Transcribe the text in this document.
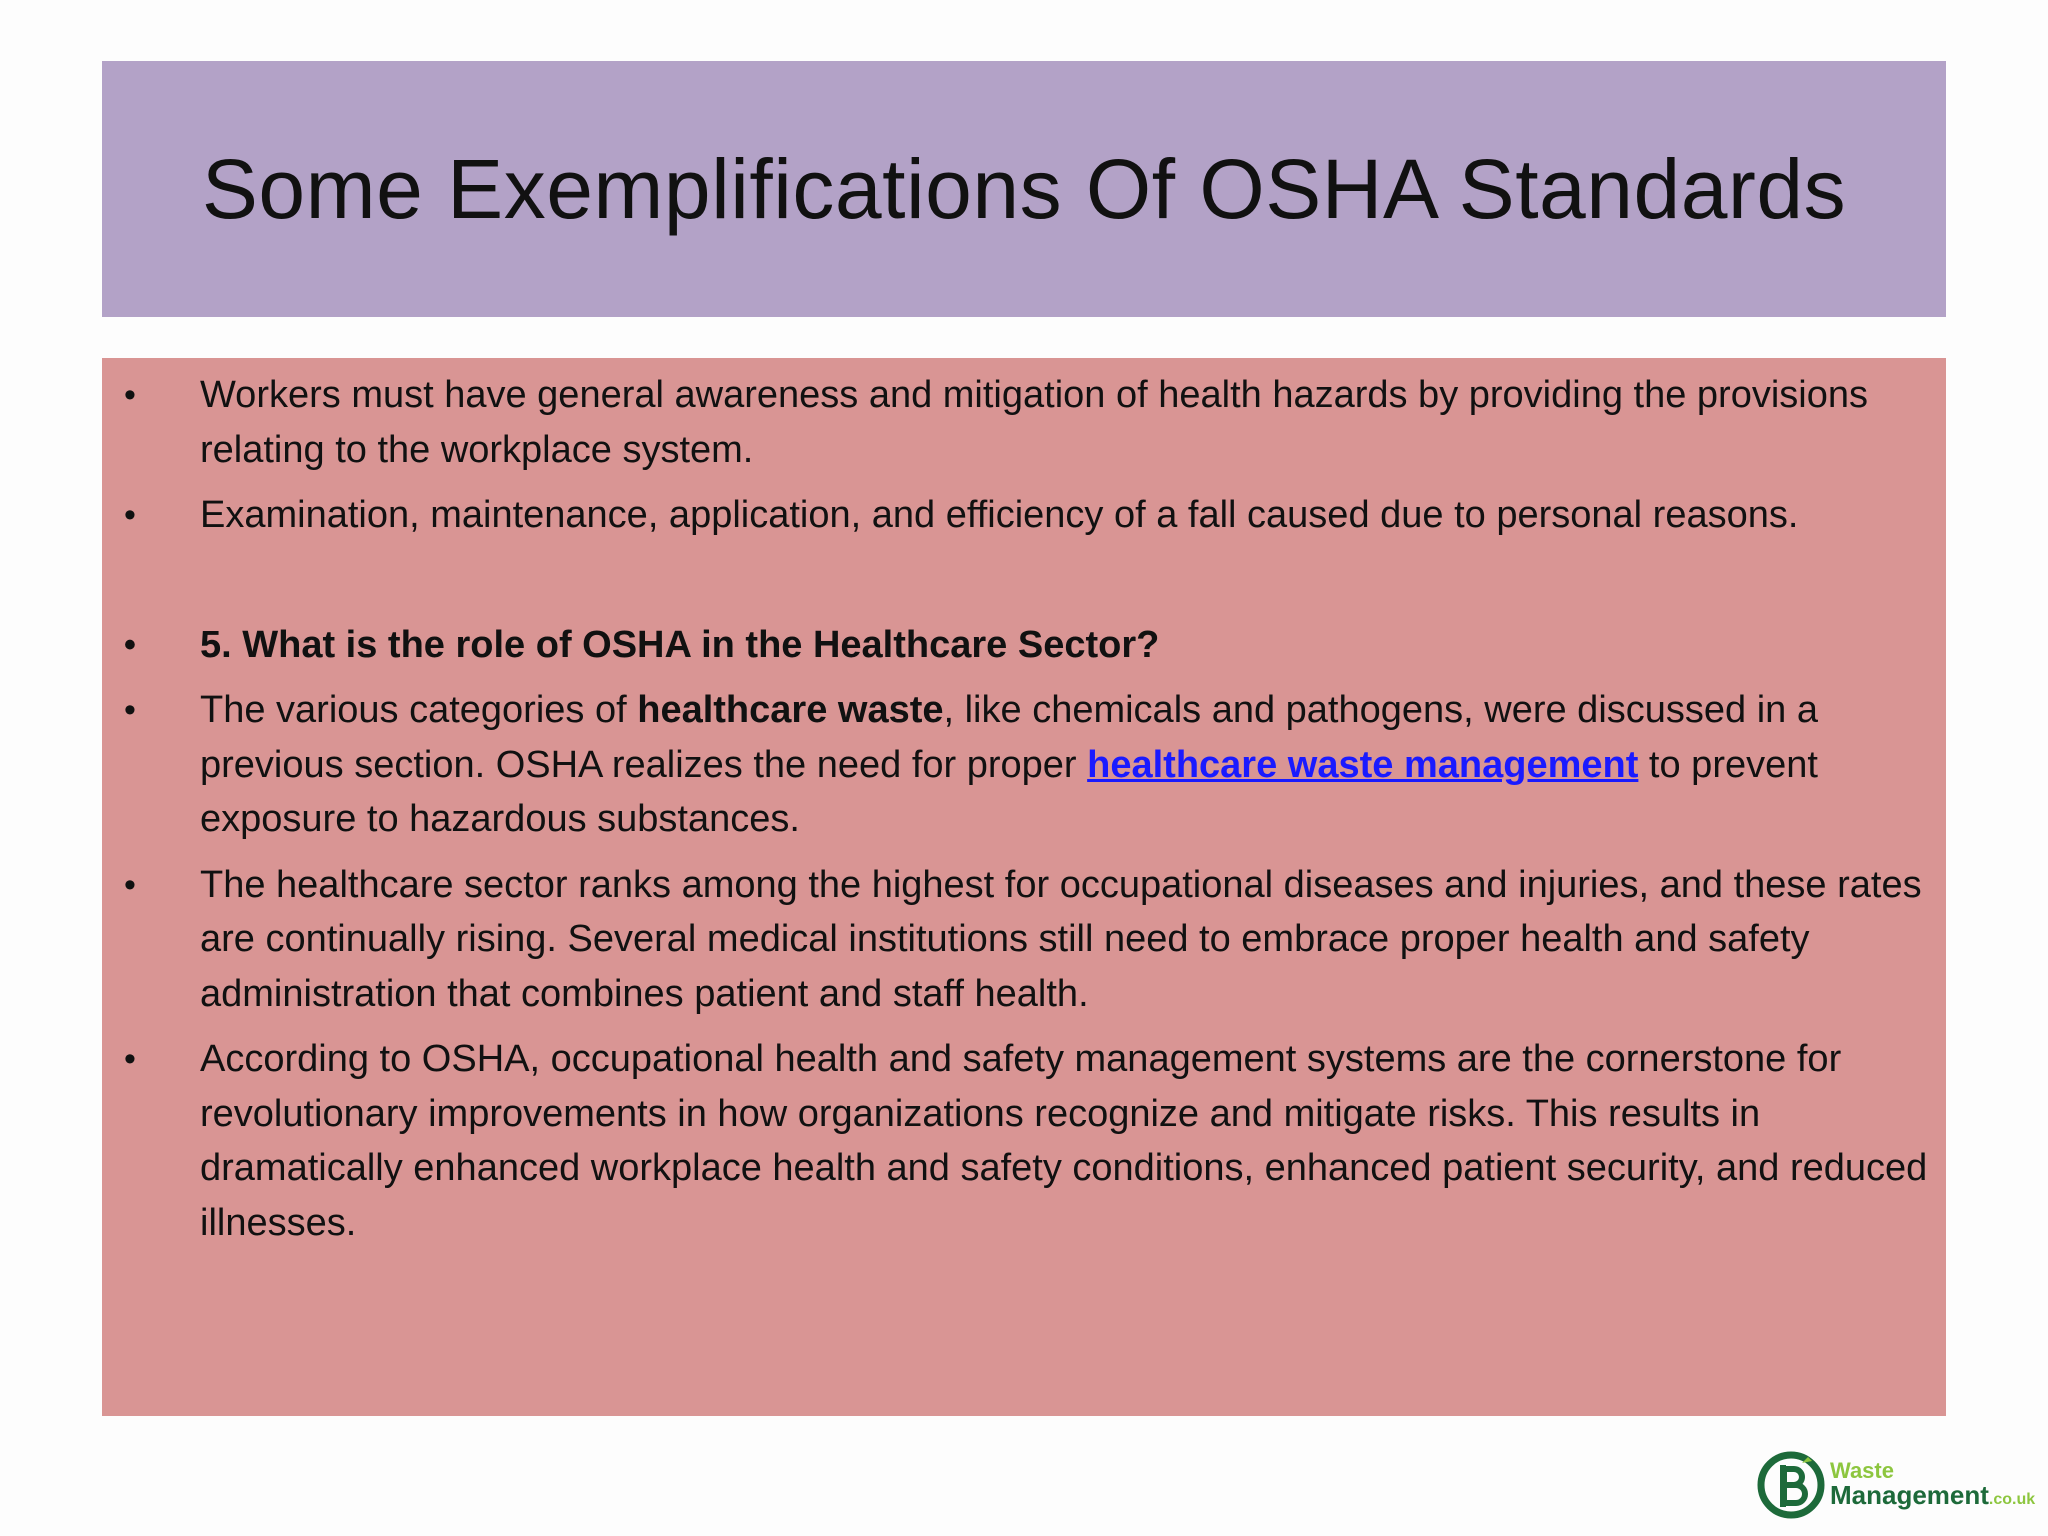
Some Exemplifications Of OSHA Standards
• Workers must have general awareness and mitigation of health hazards by providing the provisions relating to the workplace system.
• Examination, maintenance, application, and efficiency of a fall caused due to personal reasons.
• 5. What is the role of OSHA in the Healthcare Sector?
• The various categories of healthcare waste, like chemicals and pathogens, were discussed in a previous section. OSHA realizes the need for proper healthcare waste management to prevent exposure to hazardous substances.
• The healthcare sector ranks among the highest for occupational diseases and injuries, and these rates are continually rising. Several medical institutions still need to embrace proper health and safety administration that combines patient and staff health.
• According to OSHA, occupational health and safety management systems are the cornerstone for revolutionary improvements in how organizations recognize and mitigate risks. This results in dramatically enhanced workplace health and safety conditions, enhanced patient security, and reduced illnesses.
Waste
Management.co.uk
